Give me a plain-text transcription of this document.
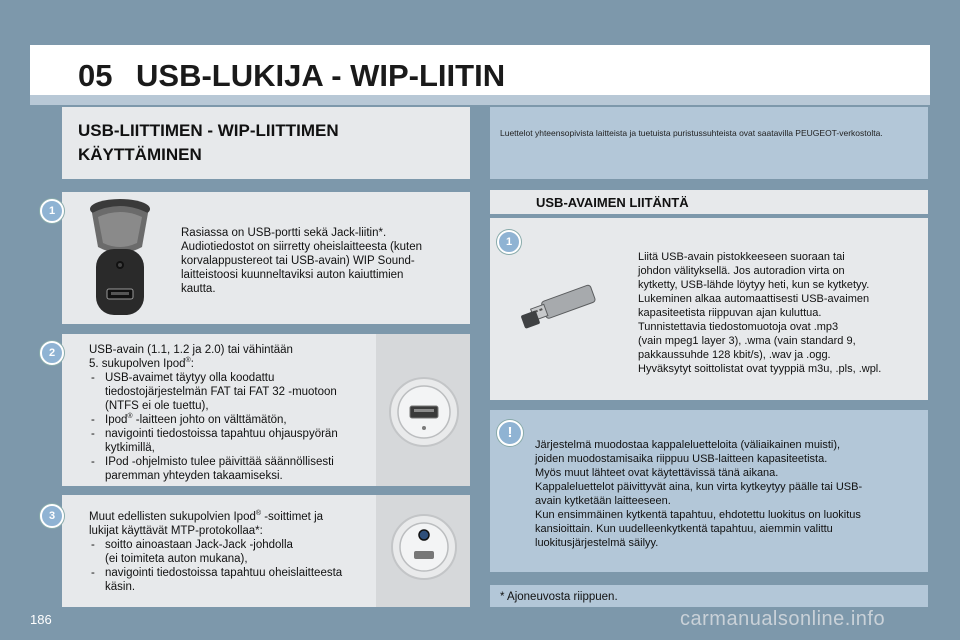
05 USB-LUKIJA - WIP-LIITIN
USB-LIITTIMEN - WIP-LIITTIMEN
KÄYTTÄMINEN
Luettelot yhteensopivista laitteista ja tuetuista puristussuhteista ovat saatavilla PEUGEOT-verkostolta.
1
Rasiassa on USB-portti sekä Jack-liitin*.
Audiotiedostot on siirretty oheislaitteesta (kuten
korvalappustereot tai USB-avain) WIP Sound-
laitteistoosi kuunneltaviksi auton kaiuttimien
kautta.
2	USB-avain (1.1, 1.2 ja 2.0) tai vähintään
5. sukupolven Ipod®:
- USB-avaimet täytyy olla koodattu
tiedostojärjestelmän FAT tai FAT 32 -muotoon
(NTFS ei ole tuettu),
- Ipod® -laitteen johto on välttämätön,
- navigointi tiedostoissa tapahtuu ohjauspyörän
kytkimillä,
- IPod -ohjelmisto tulee päivittää säännöllisesti
paremman yhteyden takaamiseksi.
3	Muut edellisten sukupolvien Ipod® -soittimet ja
lukijat käyttävät MTP-protokollaa*:
- soitto ainoastaan Jack-Jack -johdolla
(ei toimiteta auton mukana),
- navigointi tiedostoissa tapahtuu oheislaitteesta
käsin.
USB-AVAIMEN LIITÄNTÄ
1
Liitä USB-avain pistokkeeseen suoraan tai
johdon välityksellä. Jos autoradion virta on
kytketty, USB-lähde löytyy heti, kun se kytketyy.
Lukeminen alkaa automaattisesti USB-avaimen
kapasiteetista riippuvan ajan kuluttua.
Tunnistettavia tiedostomuotoja ovat .mp3
(vain mpeg1 layer 3), .wma (vain standard 9,
pakkaussuhde 128 kbit/s), .wav ja .ogg.
Hyväksytyt soittolistat ovat tyyppiä m3u, .pls, .wpl.
!
Järjestelmä muodostaa kappaleluetteloita (väliaikainen muisti),
joiden muodostamisaika riippuu USB-laitteen kapasiteetista.
Myös muut lähteet ovat käytettävissä tänä aikana.
Kappaleluettelot päivittyvät aina, kun virta kytkeytyy päälle tai USB-
avain kytketään laitteeseen.
Kun ensimmäinen kytkentä tapahtuu, ehdotettu luokitus on luokitus
kansioittain. Kun uudelleenkytkentä tapahtuu, aiemmin valittu
luokitusjärjestelmä säilyy.
* Ajoneuvosta riippuen.
186	carmanualsonline.info
